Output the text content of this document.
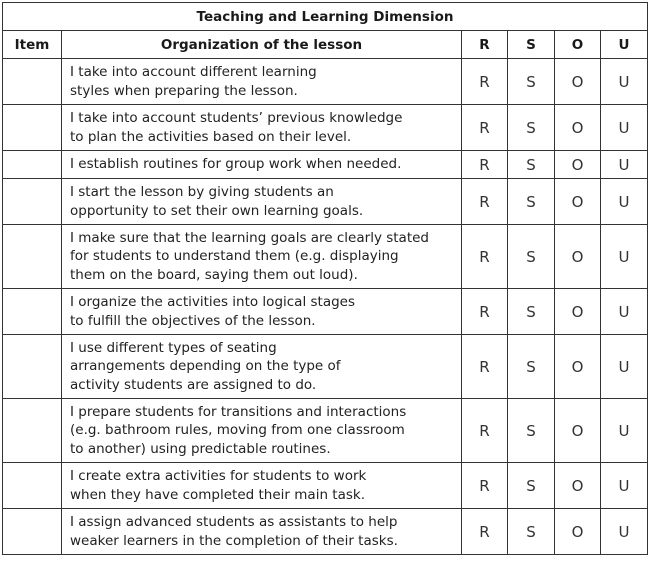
Teaching and Learning Dimension					
Item	Organization of the lesson	R	S	O	U

	I take into account different learning
styles when preparing the lesson.	R	S	O	U

	I take into account students’ previous knowledge
to plan the activities based on their level.	R	S	O	U

	I establish routines for group work when needed.	R	S	O	U

	I start the lesson by giving students an
opportunity to set their own learning goals.	R	S	O	U

	I make sure that the learning goals are clearly stated
for students to understand them (e.g. displaying
them on the board, saying them out loud).	R	S	O	U

	I organize the activities into logical stages
to fulfill the objectives of the lesson.	R	S	O	U

	I use different types of seating
arrangements depending on the type of
activity students are assigned to do.	R	S	O	U

	I prepare students for transitions and interactions
(e.g. bathroom rules, moving from one classroom
to another) using predictable routines.	R	S	O	U

	I create extra activities for students to work
when they have completed their main task.	R	S	O	U

	I assign advanced students as assistants to help
weaker learners in the completion of their tasks.	R	S	O	U
